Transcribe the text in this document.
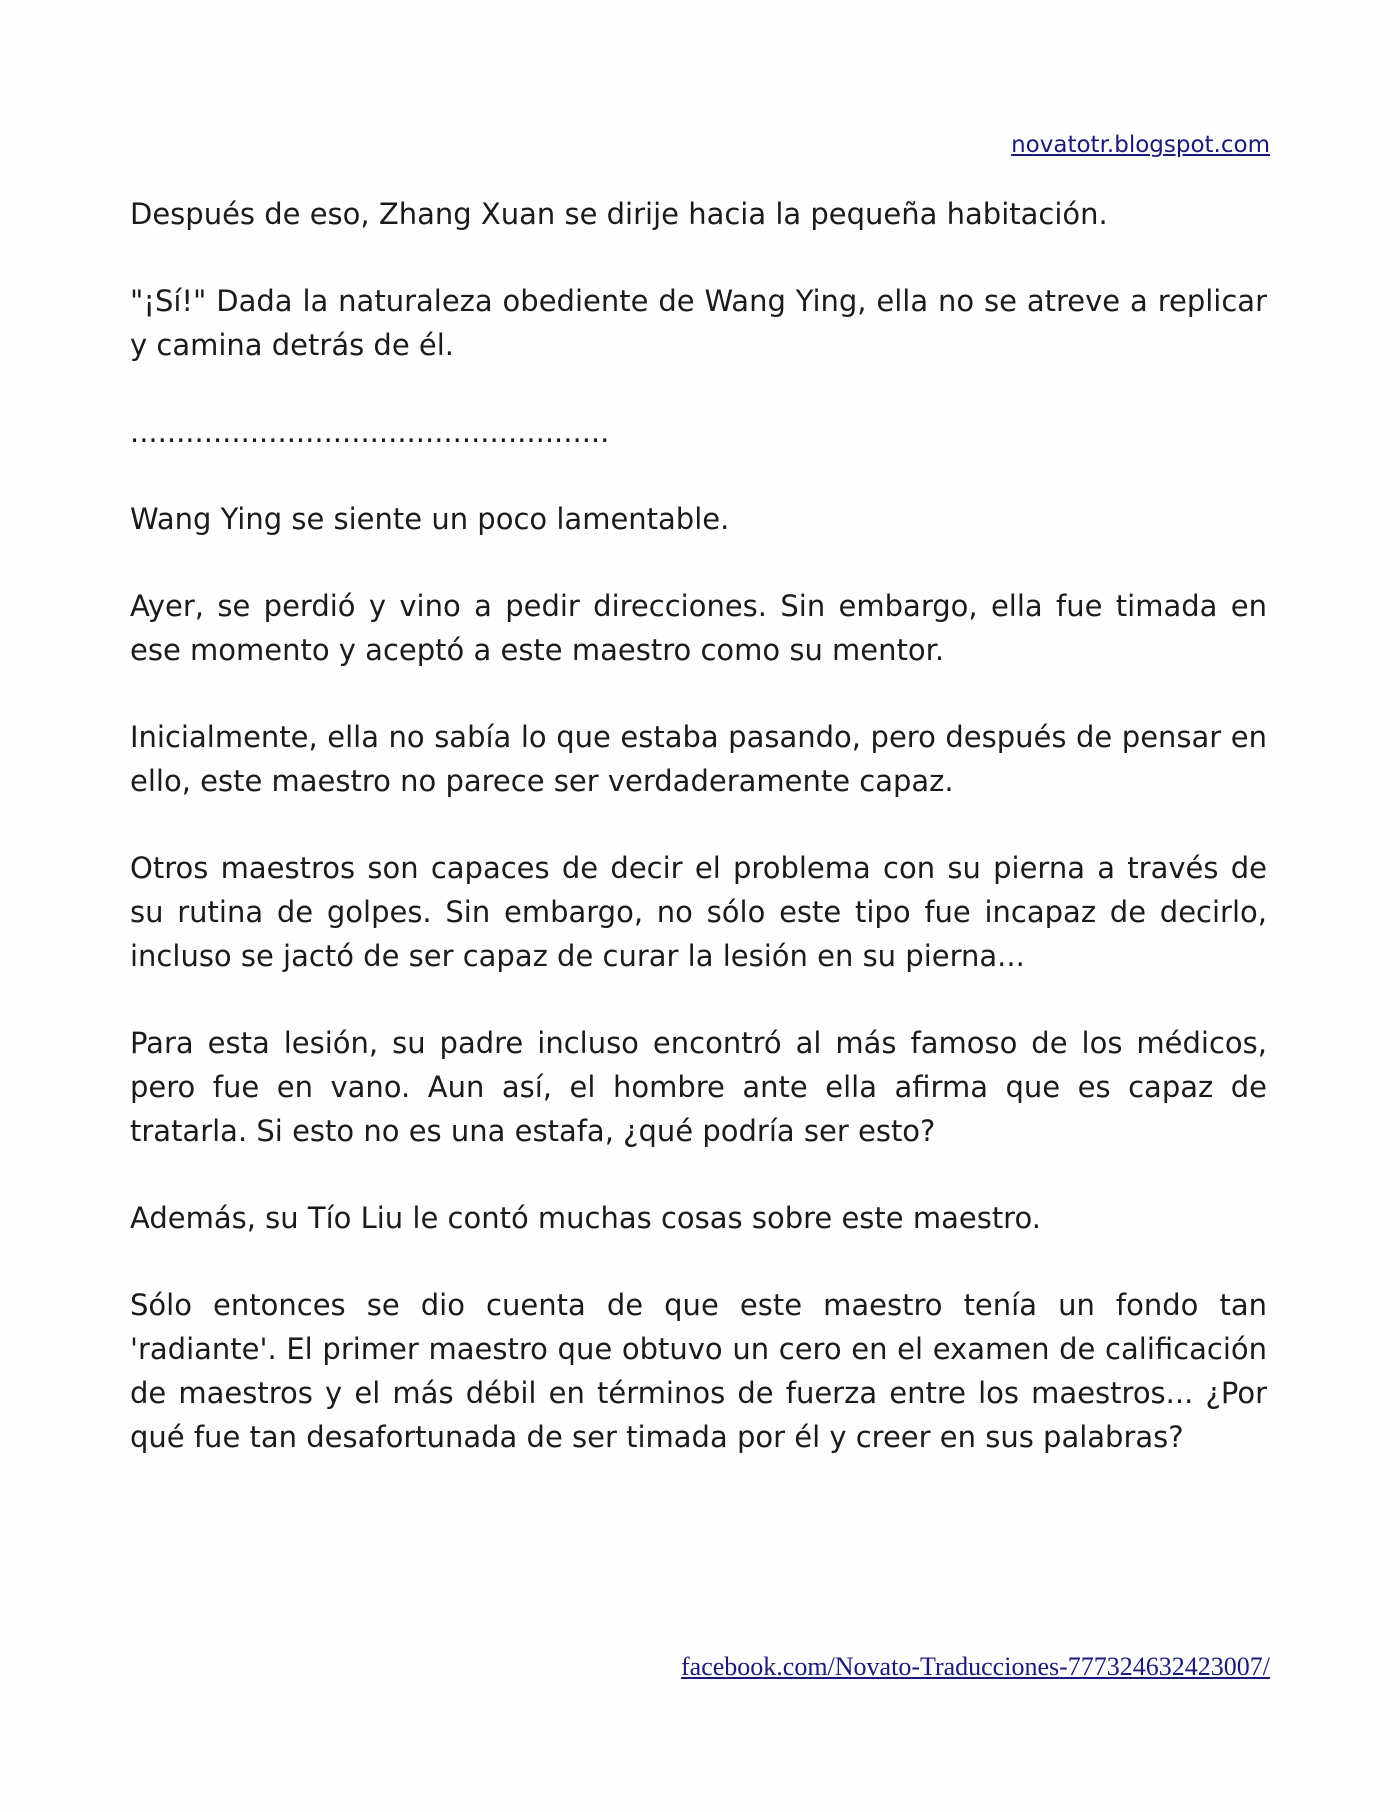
novatotr.blogspot.com

Después de eso, Zhang Xuan se dirije hacia la pequeña habitación.

"¡Sí!" Dada la naturaleza obediente de Wang Ying, ella no se atreve a replicar y camina detrás de él.

....................................................

Wang Ying se siente un poco lamentable.

Ayer, se perdió y vino a pedir direcciones. Sin embargo, ella fue timada en ese momento y aceptó a este maestro como su mentor.

Inicialmente, ella no sabía lo que estaba pasando, pero después de pensar en ello, este maestro no parece ser verdaderamente capaz.

Otros maestros son capaces de decir el problema con su pierna a través de su rutina de golpes. Sin embargo, no sólo este tipo fue incapaz de decirlo, incluso se jactó de ser capaz de curar la lesión en su pierna...

Para esta lesión, su padre incluso encontró al más famoso de los médicos, pero fue en vano. Aun así, el hombre ante ella afirma que es capaz de tratarla. Si esto no es una estafa, ¿qué podría ser esto?

Además, su Tío Liu le contó muchas cosas sobre este maestro.

Sólo entonces se dio cuenta de que este maestro tenía un fondo tan 'radiante'. El primer maestro que obtuvo un cero en el examen de calificación de maestros y el más débil en términos de fuerza entre los maestros... ¿Por qué fue tan desafortunada de ser timada por él y creer en sus palabras?

facebook.com/Novato-Traducciones-777324632423007/
